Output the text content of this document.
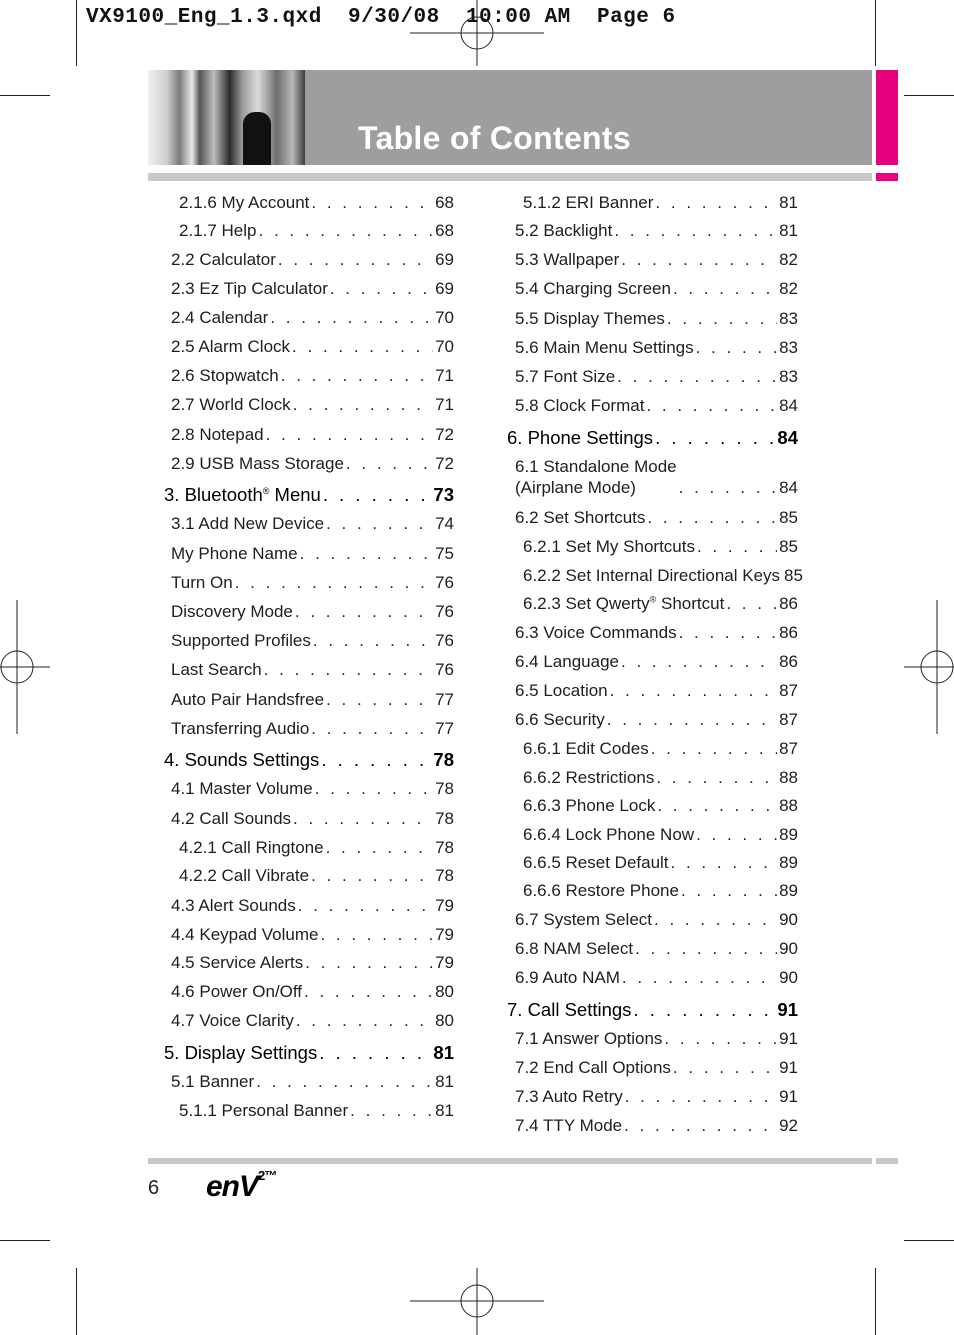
VX9100_Eng_1.3.qxd  9/30/08  10:00 AM  Page 6
Table of Contents
2.1.6 My Account . . .	68
2.1.7 Help . . .	68
2.2 Calculator . . .	69
2.3 Ez Tip Calculator . . .	69
2.4 Calendar . . .	70
2.5 Alarm Clock . . .	70
2.6 Stopwatch . . .	71
2.7 World Clock . . .	71
2.8 Notepad . . .	72
2.9 USB Mass Storage . . .	72
3. Bluetooth® Menu . . .	73
3.1 Add New Device . . .	74
My Phone Name . . .	75
Turn On . . .	76
Discovery Mode . . .	76
Supported Profiles . . .	76
Last Search . . .	76
Auto Pair Handsfree . . .	77
Transferring Audio . . .	77
4. Sounds Settings . . .	78
4.1 Master Volume . . .	78
4.2 Call Sounds . . .	78
4.2.1 Call Ringtone . . .	78
4.2.2 Call Vibrate . . .	78
4.3 Alert Sounds . . .	79
4.4 Keypad Volume . . .	79
4.5 Service Alerts . . .	79
4.6 Power On/Off . . .	80
4.7 Voice Clarity . . .	80
5. Display Settings . . .	81
5.1 Banner . . .	81
5.1.1 Personal Banner . . .	81
5.1.2 ERI Banner . . .	81
5.2 Backlight . . .	81
5.3 Wallpaper . . .	82
5.4 Charging Screen . . .	82
5.5 Display Themes . . .	83
5.6 Main Menu Settings . . .	83
5.7 Font Size . . .	83
5.8 Clock Format . . .	84
6. Phone Settings . . .	84
6.1 Standalone Mode
(Airplane Mode) . . .	84
6.2 Set Shortcuts . . .	85
6.2.1 Set My Shortcuts . . .	85
6.2.2 Set Internal Directional Keys 85
6.2.3 Set Qwerty® Shortcut . . .	86
6.3 Voice Commands . . .	86
6.4 Language . . .	86
6.5 Location . . .	87
6.6 Security . . .	87
6.6.1 Edit Codes . . .	87
6.6.2 Restrictions . . .	88
6.6.3 Phone Lock . . .	88
6.6.4 Lock Phone Now . . .	89
6.6.5 Reset Default . . .	89
6.6.6 Restore Phone . . .	89
6.7 System Select . . .	90
6.8 NAM Select . . .	90
6.9 Auto NAM . . .	90
7. Call Settings . . .	91
7.1 Answer Options . . .	91
7.2 End Call Options . . .	91
7.3 Auto Retry . . .	91
7.4 TTY Mode . . .	92
6 enV$^{2™}$
